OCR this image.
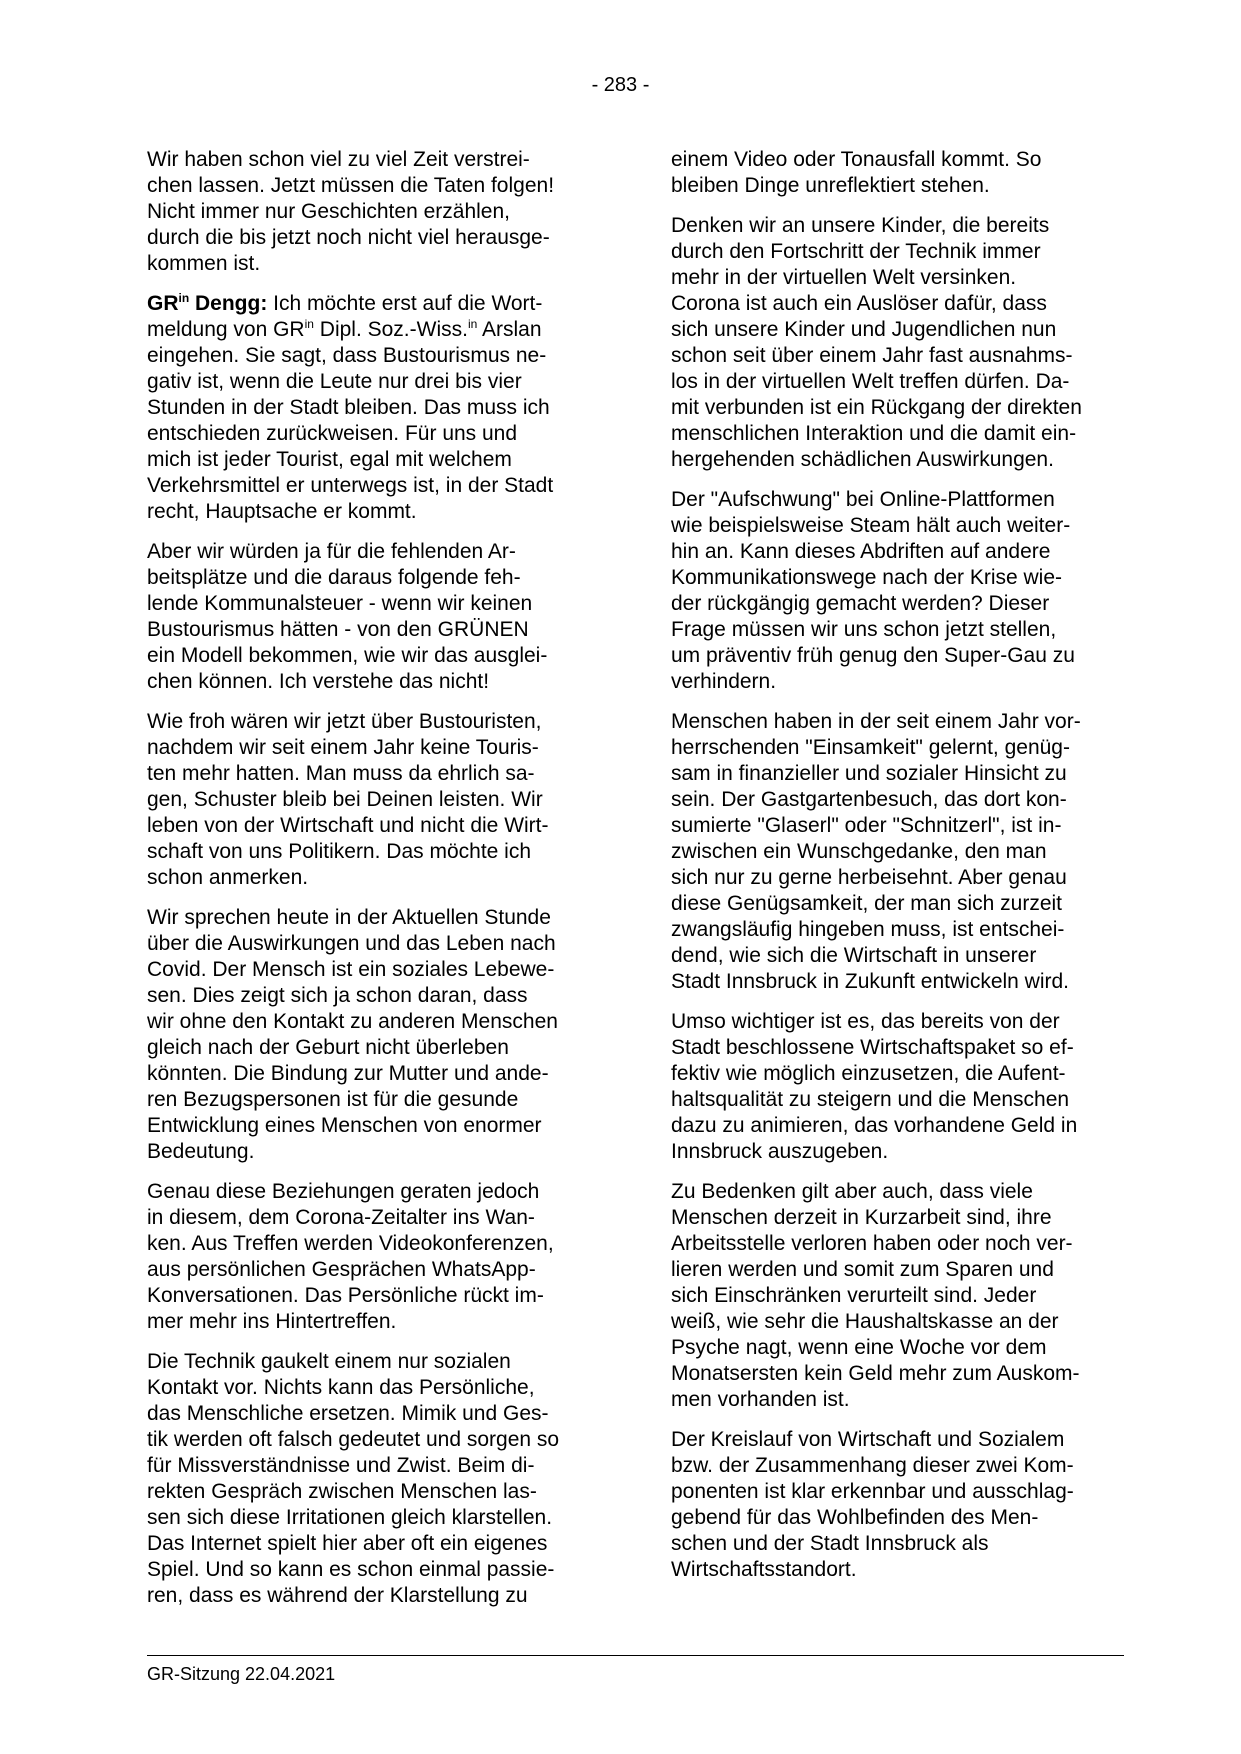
- 283 -

Wir haben schon viel zu viel Zeit verstrei-
chen lassen. Jetzt müssen die Taten folgen!
Nicht immer nur Geschichten erzählen,
durch die bis jetzt noch nicht viel herausge-
kommen ist.

$GR^{in}$ Dengg: Ich möchte erst auf die Wort-
meldung von $GR^{in}$ Dipl. Soz.-Wiss.$^{in}$ Arslan
eingehen. Sie sagt, dass Bustourismus ne-
gativ ist, wenn die Leute nur drei bis vier
Stunden in der Stadt bleiben. Das muss ich
entschieden zurückweisen. Für uns und
mich ist jeder Tourist, egal mit welchem
Verkehrsmittel er unterwegs ist, in der Stadt
recht, Hauptsache er kommt.

Aber wir würden ja für die fehlenden Ar-
beitsplätze und die daraus folgende feh-
lende Kommunalsteuer - wenn wir keinen
Bustourismus hätten - von den GRÜNEN
ein Modell bekommen, wie wir das ausglei-
chen können. Ich verstehe das nicht!

Wie froh wären wir jetzt über Bustouristen,
nachdem wir seit einem Jahr keine Touris-
ten mehr hatten. Man muss da ehrlich sa-
gen, Schuster bleib bei Deinen leisten. Wir
leben von der Wirtschaft und nicht die Wirt-
schaft von uns Politikern. Das möchte ich
schon anmerken.

Wir sprechen heute in der Aktuellen Stunde
über die Auswirkungen und das Leben nach
Covid. Der Mensch ist ein soziales Lebewe-
sen. Dies zeigt sich ja schon daran, dass
wir ohne den Kontakt zu anderen Menschen
gleich nach der Geburt nicht überleben
könnten. Die Bindung zur Mutter und ande-
ren Bezugspersonen ist für die gesunde
Entwicklung eines Menschen von enormer
Bedeutung.

Genau diese Beziehungen geraten jedoch
in diesem, dem Corona-Zeitalter ins Wan-
ken. Aus Treffen werden Videokonferenzen,
aus persönlichen Gesprächen WhatsApp-
Konversationen. Das Persönliche rückt im-
mer mehr ins Hintertreffen.

Die Technik gaukelt einem nur sozialen
Kontakt vor. Nichts kann das Persönliche,
das Menschliche ersetzen. Mimik und Ges-
tik werden oft falsch gedeutet und sorgen so
für Missverständnisse und Zwist. Beim di-
rekten Gespräch zwischen Menschen las-
sen sich diese Irritationen gleich klarstellen.
Das Internet spielt hier aber oft ein eigenes
Spiel. Und so kann es schon einmal passie-
ren, dass es während der Klarstellung zu

einem Video oder Tonausfall kommt. So
bleiben Dinge unreflektiert stehen.

Denken wir an unsere Kinder, die bereits
durch den Fortschritt der Technik immer
mehr in der virtuellen Welt versinken.
Corona ist auch ein Auslöser dafür, dass
sich unsere Kinder und Jugendlichen nun
schon seit über einem Jahr fast ausnahms-
los in der virtuellen Welt treffen dürfen. Da-
mit verbunden ist ein Rückgang der direkten
menschlichen Interaktion und die damit ein-
hergehenden schädlichen Auswirkungen.

Der "Aufschwung" bei Online-Plattformen
wie beispielsweise Steam hält auch weiter-
hin an. Kann dieses Abdriften auf andere
Kommunikationswege nach der Krise wie-
der rückgängig gemacht werden? Dieser
Frage müssen wir uns schon jetzt stellen,
um präventiv früh genug den Super-Gau zu
verhindern.

Menschen haben in der seit einem Jahr vor-
herrschenden "Einsamkeit" gelernt, genüg-
sam in finanzieller und sozialer Hinsicht zu
sein. Der Gastgartenbesuch, das dort kon-
sumierte "Glaserl" oder "Schnitzerl", ist in-
zwischen ein Wunschgedanke, den man
sich nur zu gerne herbeisehnt. Aber genau
diese Genügsamkeit, der man sich zurzeit
zwangsläufig hingeben muss, ist entschei-
dend, wie sich die Wirtschaft in unserer
Stadt Innsbruck in Zukunft entwickeln wird.

Umso wichtiger ist es, das bereits von der
Stadt beschlossene Wirtschaftspaket so ef-
fektiv wie möglich einzusetzen, die Aufent-
haltsqualität zu steigern und die Menschen
dazu zu animieren, das vorhandene Geld in
Innsbruck auszugeben.

Zu Bedenken gilt aber auch, dass viele
Menschen derzeit in Kurzarbeit sind, ihre
Arbeitsstelle verloren haben oder noch ver-
lieren werden und somit zum Sparen und
sich Einschränken verurteilt sind. Jeder
weiß, wie sehr die Haushaltskasse an der
Psyche nagt, wenn eine Woche vor dem
Monatsersten kein Geld mehr zum Auskom-
men vorhanden ist.

Der Kreislauf von Wirtschaft und Sozialem
bzw. der Zusammenhang dieser zwei Kom-
ponenten ist klar erkennbar und ausschlag-
gebend für das Wohlbefinden des Men-
schen und der Stadt Innsbruck als
Wirtschaftsstandort.

GR-Sitzung 22.04.2021
